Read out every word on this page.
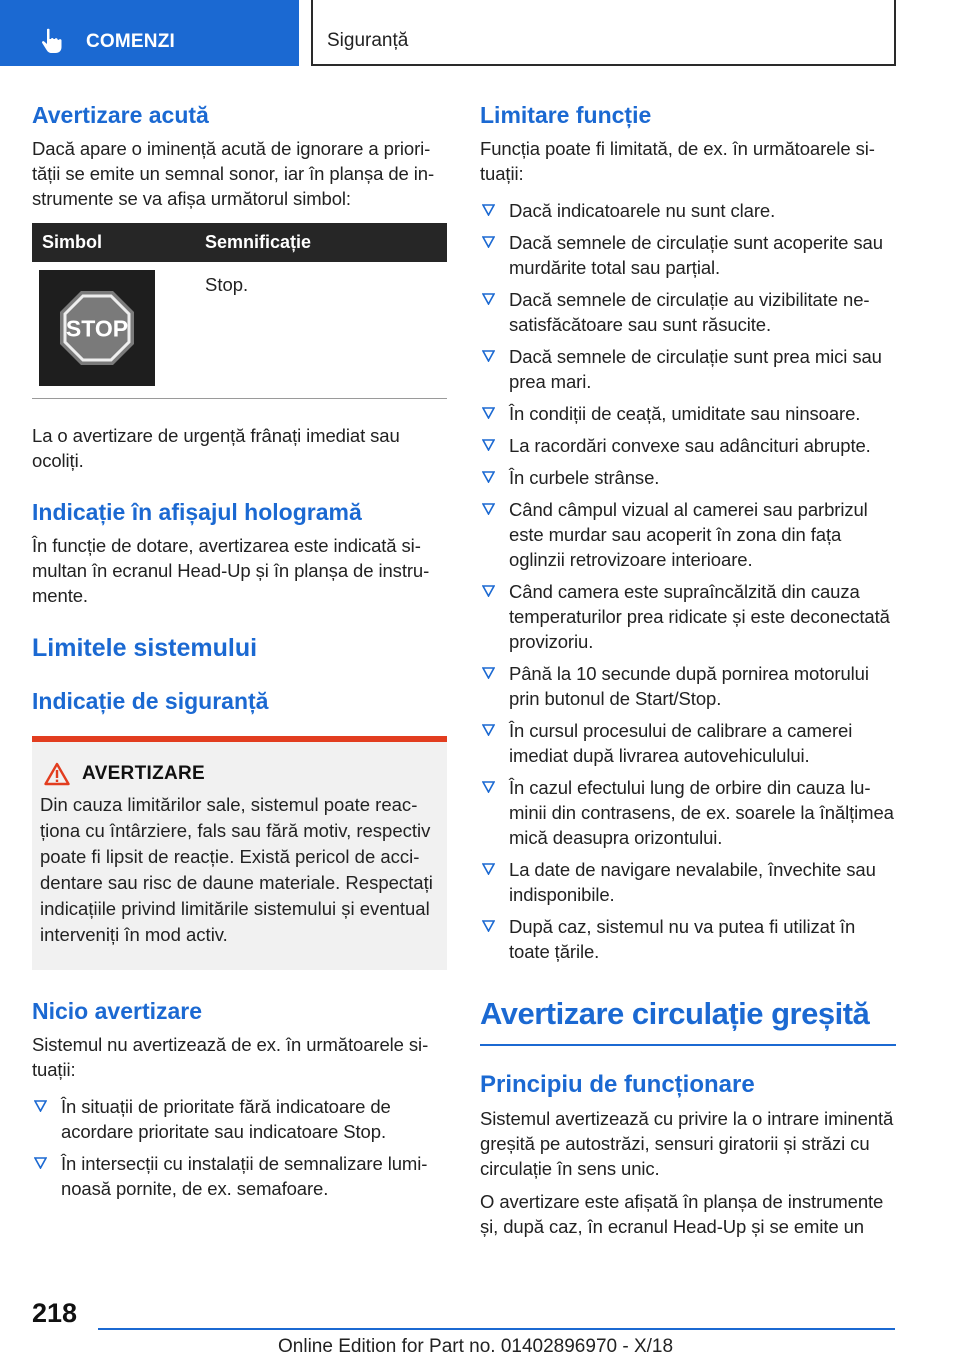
COMENZI	Siguranță
Avertizare acută

Dacă apare o iminență acută de ignorare a priorității se emite un semnal sonor, iar în planșa de instrumente se va afișa următorul simbol:

Simbol	Semnificație

STOP	Stop.

La o avertizare de urgență frânați imediat sau ocoliți.

Indicație în afișajul hologramă

În funcție de dotare, avertizarea este indicată simultan în ecranul Head-Up și în planșa de instrumente.

Limitele sistemului
Indicație de siguranță
AVERTIZARE

Din cauza limitărilor sale, sistemul poate reacționa cu întârziere, fals sau fără motiv, respectiv poate fi lipsit de reacție. Există pericol de accidentare sau risc de daune materiale. Respectați indicațiile privind limitările sistemului și eventual interveniți în mod activ.

Nicio avertizare

Sistemul nu avertizează de ex. în următoarele situații:

În situații de prioritate fără indicatoare de acordare prioritate sau indicatoare Stop.
În intersecții cu instalații de semnalizare luminoasă pornite, de ex. semafoare.
Limitare funcție

Funcția poate fi limitată, de ex. în următoarele situații:

Dacă indicatoarele nu sunt clare.
Dacă semnele de circulație sunt acoperite sau murdărite total sau parțial.
Dacă semnele de circulație au vizibilitate nesatisfăcătoare sau sunt răsucite.
Dacă semnele de circulație sunt prea mici sau prea mari.
În condiții de ceață, umiditate sau ninsoare.
La racordări convexe sau adâncituri abrupte.
În curbele strânse.
Când câmpul vizual al camerei sau parbrizul este murdar sau acoperit în zona din fața oglinzii retrovizoare interioare.
Când camera este supraîncălzită din cauza temperaturilor prea ridicate și este deconectată provizoriu.
Până la 10 secunde după pornirea motorului prin butonul de Start/Stop.
În cursul procesului de calibrare a camerei imediat după livrarea autovehiculului.
În cazul efectului lung de orbire din cauza luminii din contrasens, de ex. soarele la înălțimea mică deasupra orizontului.
La date de navigare nevalabile, învechite sau indisponibile.
După caz, sistemul nu va putea fi utilizat în toate țările.
Avertizare circulație greșită
Principiu de funcționare

Sistemul avertizează cu privire la o intrare iminentă greșită pe autostrăzi, sensuri giratorii și străzi cu circulație în sens unic.

O avertizare este afișată în planșa de instrumente și, după caz, în ecranul Head-Up și se emite un

218
Online Edition for Part no. 01402896970 - X/18
